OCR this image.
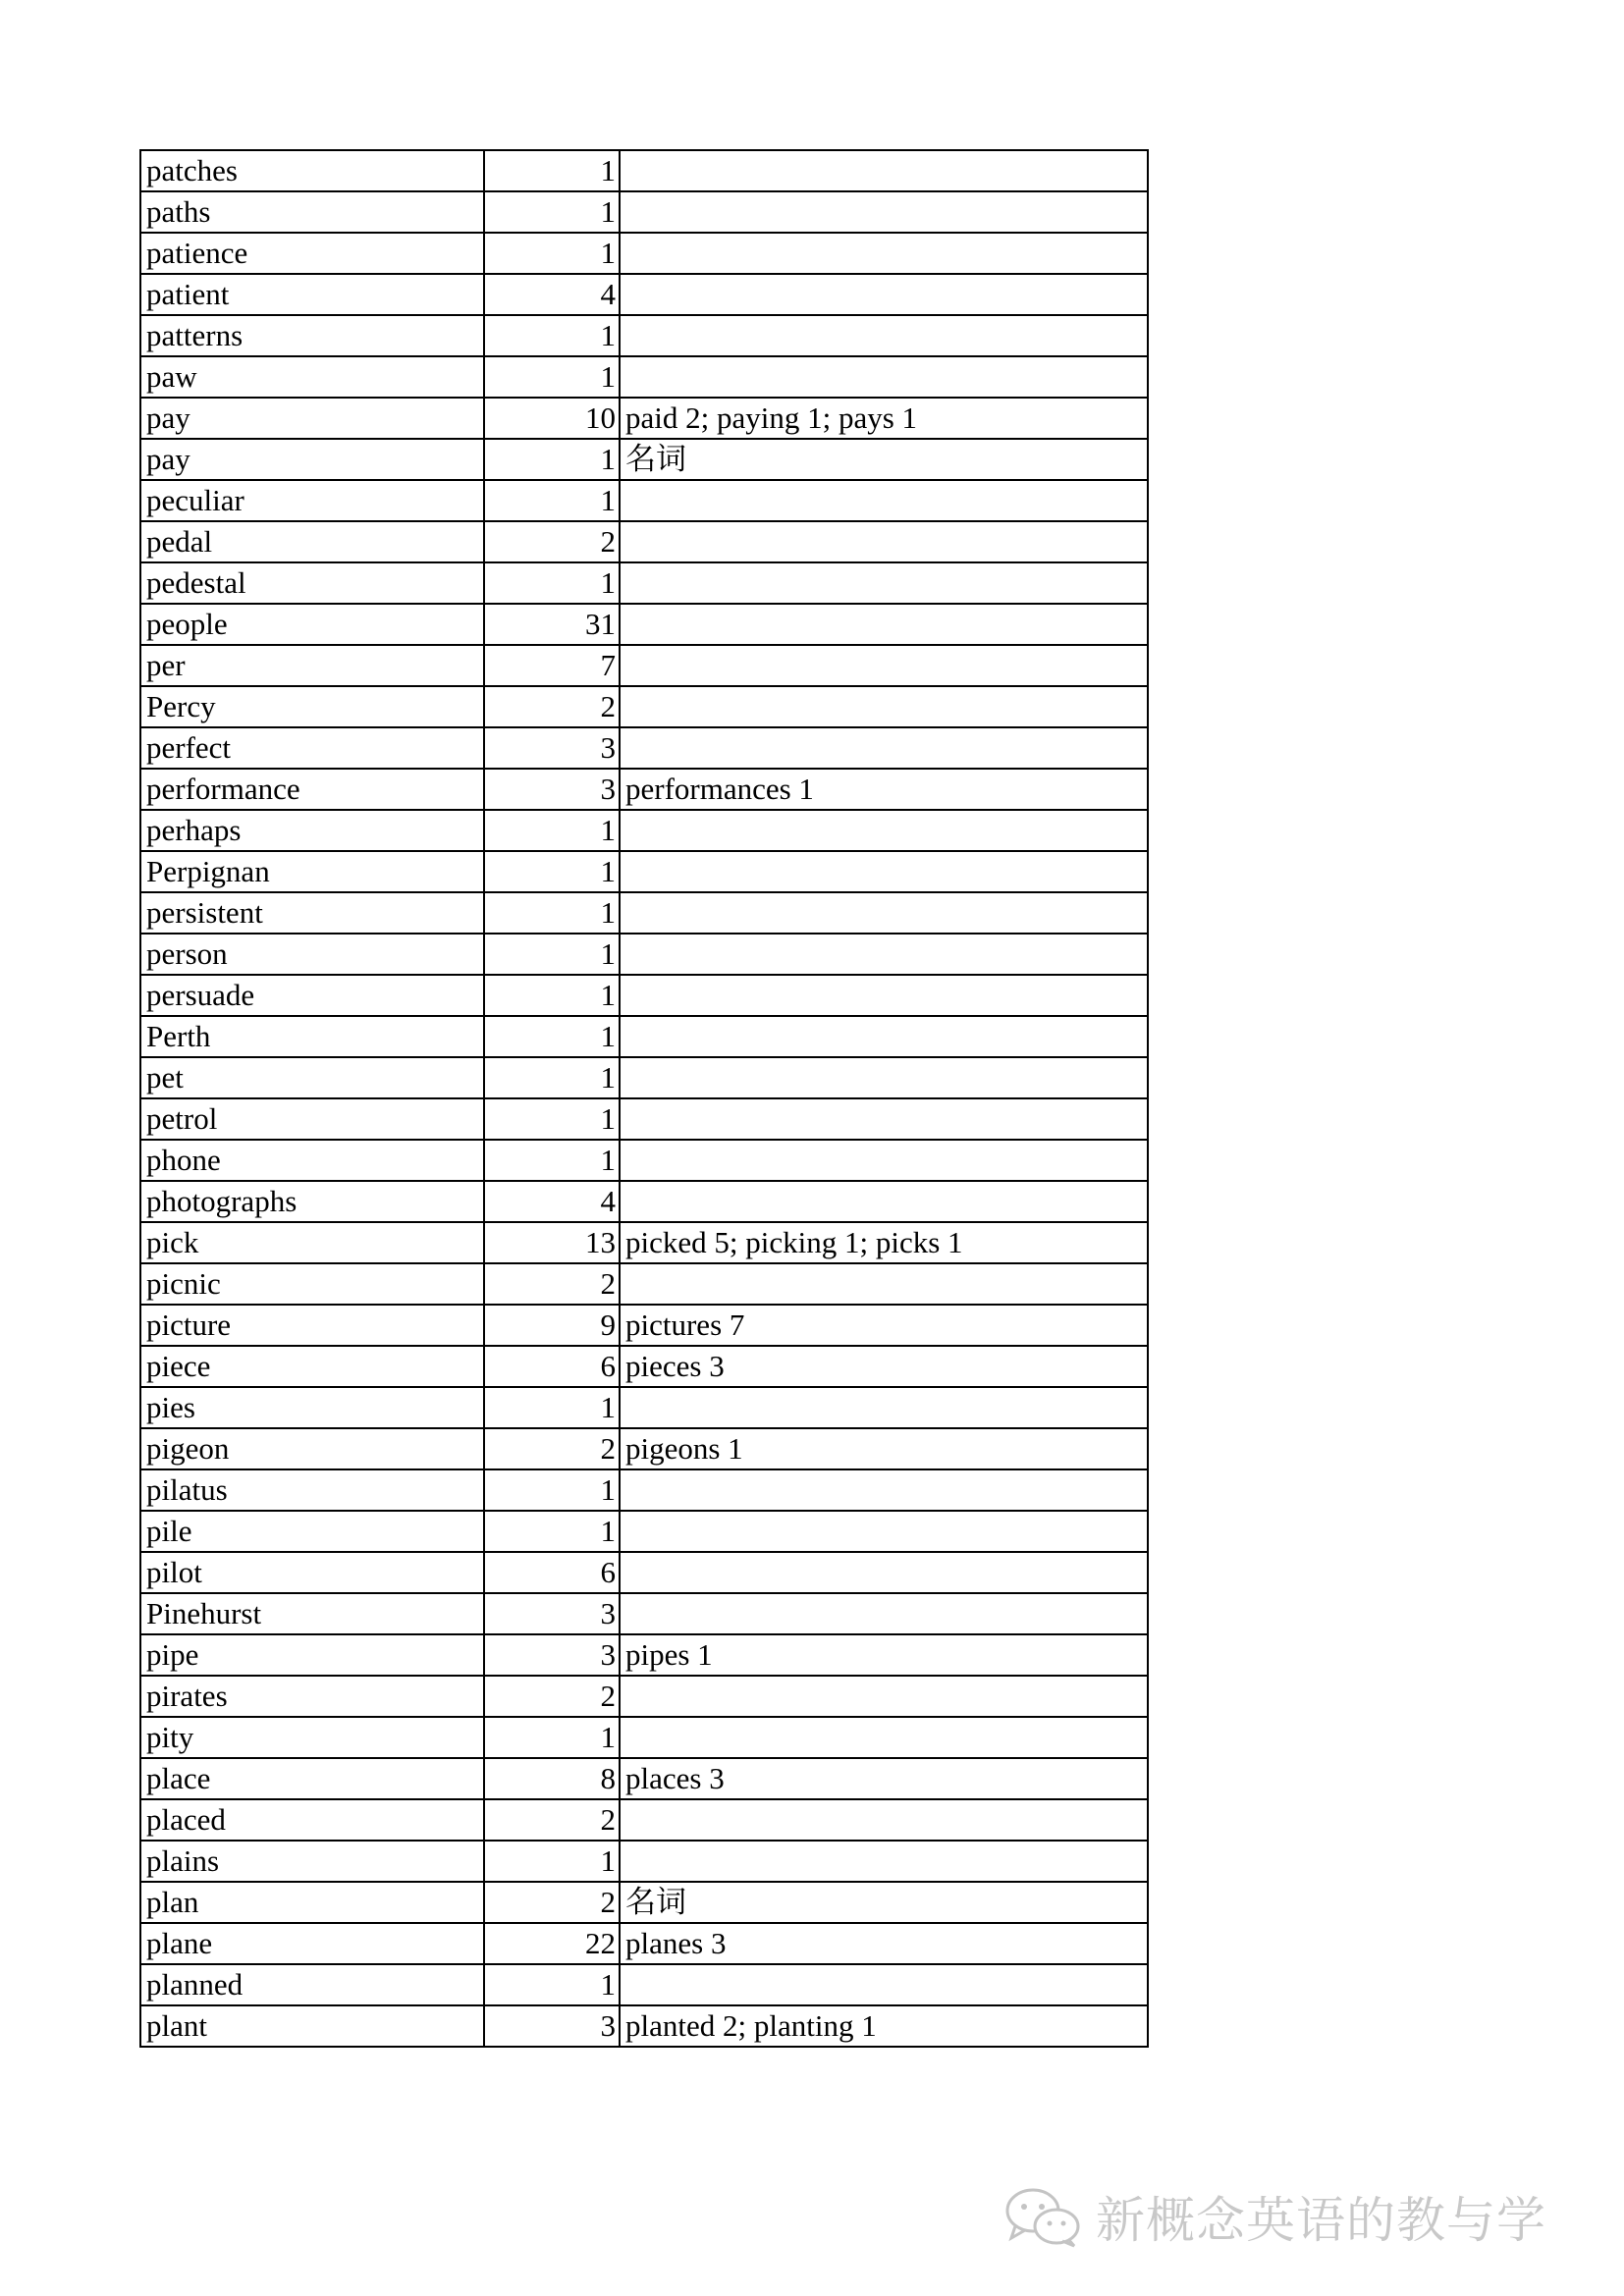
patches	1	
paths	1	
patience	1	
patient	4	
patterns	1	
paw	1	
pay	10	paid 2; paying 1; pays 1
pay	1	名词
peculiar	1	
pedal	2	
pedestal	1	
people	31	
per	7	
Percy	2	
perfect	3	
performance	3	performances 1
perhaps	1	
Perpignan	1	
persistent	1	
person	1	
persuade	1	
Perth	1	
pet	1	
petrol	1	
phone	1	
photographs	4	
pick	13	picked 5; picking 1; picks 1
picnic	2	
picture	9	pictures 7
piece	6	pieces 3
pies	1	
pigeon	2	pigeons 1
pilatus	1	
pile	1	
pilot	6	
Pinehurst	3	
pipe	3	pipes 1
pirates	2	
pity	1	
place	8	places 3
placed	2	
plains	1	
plan	2	名词
plane	22	planes 3
planned	1	
plant	3	planted 2; planting 1
新概念英语的教与学
